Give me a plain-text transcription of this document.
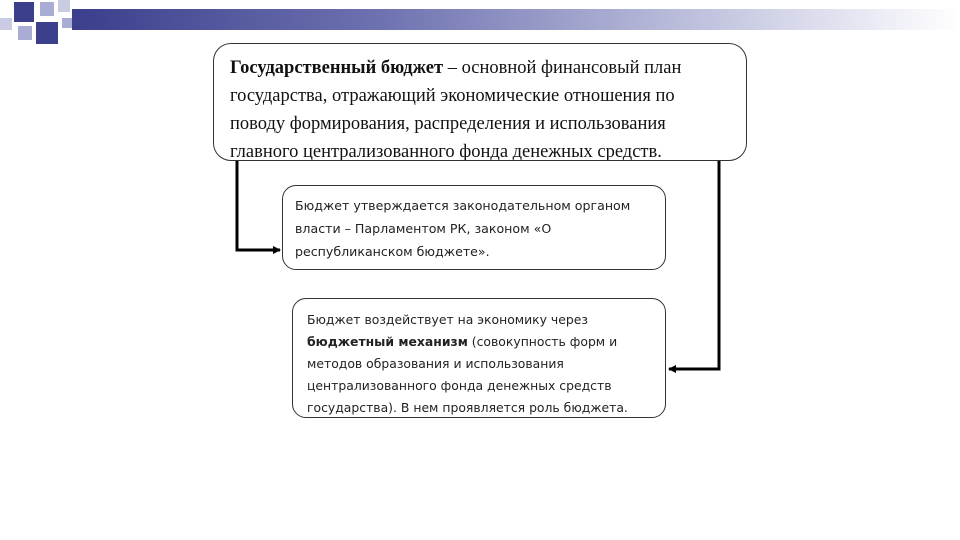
Государственный бюджет – основной финансовый план государства, отражающий экономические отношения по поводу формирования, распределения и использования главного централизованного фонда денежных средств.
Бюджет утверждается законодательном органом власти – Парламентом РК, законом «О республиканском бюджете».
Бюджет воздействует на экономику через бюджетный механизм (совокупность форм и методов образования и использования централизованного фонда денежных средств государства). В нем проявляется роль бюджета.
